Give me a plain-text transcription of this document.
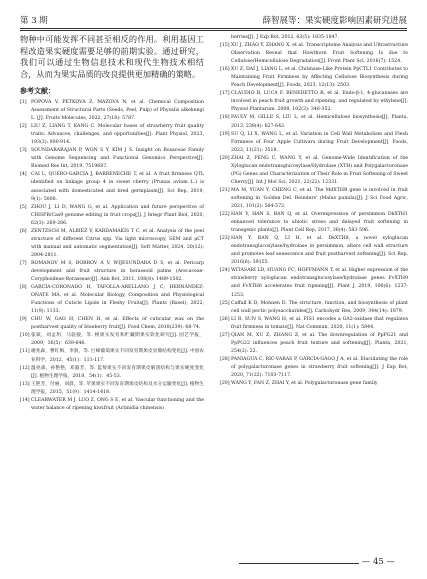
第 3 期	薛智展等：果实硬度影响因素研究进展

物种中可能发挥不同甚至相反的作用。利用基因工程改造果实硬度需要足够的前期实验。通过研究，我们可以通过生物信息技术和现代生物技术相结合，从而为果实品质的改良提供更加精确的策略。

参考文献：

[1] POPOVA V, PETKOVA Z, MAZOVA N, et al. Chemical Composition Assessment of Structural Parts (Seeds, Peel, Pulp) of Physalis alkekengi L. [J]. Fruits Molecules, 2022, 27(18): 5787.

[2] LIU Z, LIANG T, KANG C. Molecular bases of strawberry fruit quality traits: Advances, challenges, and opportunities[J]. Plant Physiol, 2023, 193(2): 900-914.

[3] SOUNDARARAJAN P, WON S Y, KIM J S. Insight on Rosaceae Family with Genome Sequencing and Functional Genomics Perspective[J]. Biomed Res Int, 2019, 7519687.

[4] CAI L, QUERO-GARCÍA J, BARRENECHE T, et al. A fruit firmness QTL identified on linkage group 4 in sweet cherry (Prunus avium L.) is associated with domesticated and bred germplasm[J]. Sci Rep, 2019, 9(1): 5008.

[5] ZHOU J, LI D, WANG G, et al. Application and future perspective of CRISPR/Cas9 genome editing in fruit crops[J]. J Integr Plant Biol, 2020, 62(3): 269-286.

[6] ZENTZSCH M, ALBIEZ V, KARDAMAKIS T C, et al. Analysis of the peel structure of different Citrus spp. Via light microscopy, SEM and μCT with manual and automatic segmentation[J]. Soft Matter, 2024, 20(12): 2804-2811.

[7] ROMANOV M S, BOBROV A V, WIJESUNDARA D S, et al. Pericarp development and fruit structure in borassoid palms (Arecaceae-Coryphoideae-Borasseae)[J]. Ann Bot, 2011, 108(8): 1489-1502.

[8] GARCÍA-CORONADO H, TAFOLLA-ARELLANO J C, HERNÁNDEZ-OÑATE MÁ, et al. Molecular Biology, Composition and Physiological Functions of Cuticle Lipids in Fleshy Fruits[J]. Plants (Basel), 2022, 11(9): 1133.

[9] CHU W, GAO H, CHEN H, et al. Effects of cuticular wax on the postharvest quality of blueberry fruit[J]. Food Chem, 2018(239): 68-74.

[10] 张斌，刘孟玥，马骁骏，等. 桃果实发育和贮藏期果实软化研究[J]. 园艺学报，2009，36(5)：639-646.

[11] 谢兆森，曹红梅，李勃，等. 巨峰葡萄果实不同发育期果皮显微结构变化[J]. 中国农业科学，2012，45(1)：111-117.

[12] 温亮森，孙艳艳，邓毅芳，等. 蓝莓果实不同发育期果皮解剖结构与果实硬度变化[J]. 植物生理学报，2018，54(1)：45-53.

[13] 王艳芳，付丽，刘晨，等. 苹果果实不同发育期果皮结构及水分运输变化[J]. 植物生理学报，2015，51(9)：1414-1418.

[14] CLEARWATER M J, LUO Z, ONG S E, et al. Vascular functioning and the water balance of ripening kiwifruit (Actinidia chinensis)

berries[J]. J Exp Bot, 2012, 63(5): 1835-1847.

[15] XU J, ZHAO Y, ZHANG X, et al. Transcriptome Analysis and Ultrastructure Observation Reveal that Hawthorn Fruit Softening Is due to Cellulose/Hemicellulose Degradation[J]. Front Plant Sci, 2016(7): 1524.

[16] XU Z, DAI J, LIANG L, et al. Chitinase-Like Protein PpCTL1 Contributes to Maintaining Fruit Firmness by Affecting Cellulose Biosynthesis during Peach Development[J]. Foods, 2023, 12(13): 2503.

[17] CLAUDIO B, LUCA F, BENEDETTO R, et al. Endo-β-1, 4-glucanases are involved in peach fruit growth and ripening, and regulated by ethylene[J]. Physiol Plantarum, 2008, 102(3): 346-352.

[18] PAULY M, GILLE S, LIU L, et al. Hemicellulose biosynthesis[J]. Planta, 2013, 238(4): 627-642.

[19] SU Q, LI X, WANG L, et al. Variation in Cell Wall Metabolism and Flesh Firmness of Four Apple Cultivars during Fruit Development[J]. Foods, 2022, 11(21): 3518.

[20] ZHAI Z, FENG C, WANG Y, et al. Genome-Wide Identification of the Xyloglucan endotransglucosylase/Hydrolase (XTH) and Polygalacturonase (PG) Genes and Characterization of Their Role in Fruit Softening of Sweet Cherry[J]. Int J Mol Sci, 2021, 22(22): 12331.

[21] MA M, YUAN Y, CHENG C, et al. The MdXTHB gene is involved in fruit softening in 'Golden Del. Reinders' (Malus pumila)[J]. J Sci Food Agric, 2021, 101(2): 564-572.

[22] HAN Y, HAN S, BAN Q, et al. Overexpression of persimmon DkXTH1 enhanced tolerance to abiotic stress and delayed fruit softening in transgenic plants[J]. Plant Cell Rep, 2017, 36(4): 583-596.

[23] HAN Y, BAN Q, LI H, et al. DkXTH8, a novel xyloglucan endotransglucosylase/hydrolase in persimmon, alters cell wall structure and promotes leaf senescence and fruit postharvest softening[J]. Sci Rep, 2016(6): 39155.

[24] WITASARI LD, HUANG FC, HOFFMANN T, et al. Higher expression of the strawberry xyloglucan endotransglucosylase/hydrolase genes FvXTH9 and FvXTH6 accelerates fruit ripening[J]. Plant J, 2019, 100(6): 1237-1253.

[25] Caffall K D, Mohnen D. The structure, function, and biosynthesis of plant cell wall pectic polysaccharides[J]. Carbohydr Res, 2009, 344(14): 1879.

[26] LI R, SUN S, WANG H, et al. FIS1 encodes a GA2-oxidase that regulates fruit firmness in tomato[J]. Nat Commun, 2020, 11(1): 5844.

[27] QIAN M, XU Z, ZHANG Z, et al. The downregulation of PpPG21 and PpPG22 influences peach fruit texture and softening[J]. Planta, 2021, 254(2): 22.

[28] PANIAGUA C, RIC-VARAS P, GARCÍA-GAGO J A, et al. Elucidating the role of polygalacturonase genes in strawberry fruit softening[J]. J Exp Bot, 2020, 71(22): 7103-7117.

[29] WANG Y, FAN Z, ZHAI Y, et al. Polygalacturonase gene family

— 45 —
